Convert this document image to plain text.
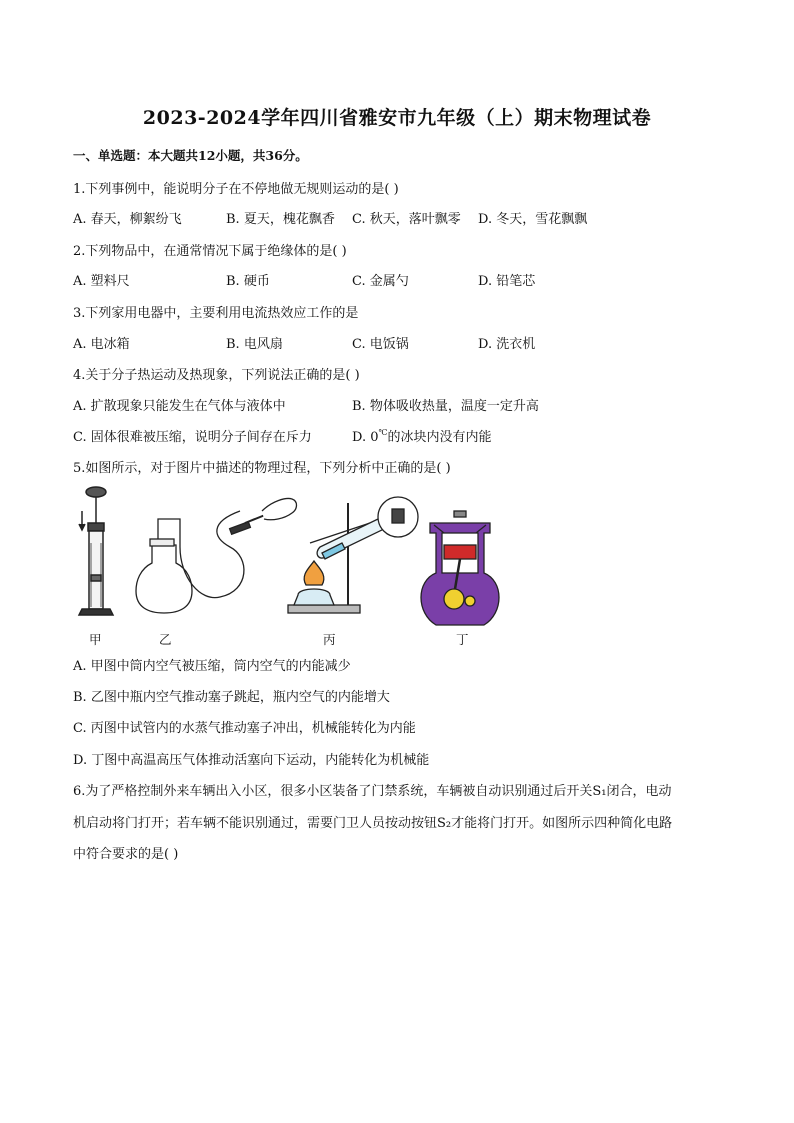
2023-2024学年四川省雅安市九年级（上）期末物理试卷
一、单选题：本大题共12小题，共36分。
1.下列事例中，能说明分子在不停地做无规则运动的是( )
A. 春天，柳絮纷飞	B. 夏天，槐花飘香 C. 秋天，落叶飘零 D. 冬天，雪花飘飘
2.下列物品中，在通常情况下属于绝缘体的是( )
A. 塑料尺	B. 硬币	C. 金属勺	D. 铅笔芯
3.下列家用电器中，主要利用电流热效应工作的是
A. 电冰箱	B. 电风扇	C. 电饭锅	D. 洗衣机
4.关于分子热运动及热现象，下列说法正确的是( )
A. 扩散现象只能发生在气体与液体中	B. 物体吸收热量，温度一定升高
C. 固体很难被压缩，说明分子间存在斥力	D. 0℃的冰块内没有内能
5.如图所示，对于图片中描述的物理过程，下列分析中正确的是( )
甲	乙	丙	丁
A. 甲图中筒内空气被压缩，筒内空气的内能减少
B. 乙图中瓶内空气推动塞子跳起，瓶内空气的内能增大
C. 丙图中试管内的水蒸气推动塞子冲出，机械能转化为内能
D. 丁图中高温高压气体推动活塞向下运动，内能转化为机械能
6.为了严格控制外来车辆出入小区，很多小区装备了门禁系统，车辆被自动识别通过后开关S₁闭合，电动
机启动将门打开；若车辆不能识别通过，需要门卫人员按动按钮S₂才能将门打开。如图所示四种简化电路
中符合要求的是( )
